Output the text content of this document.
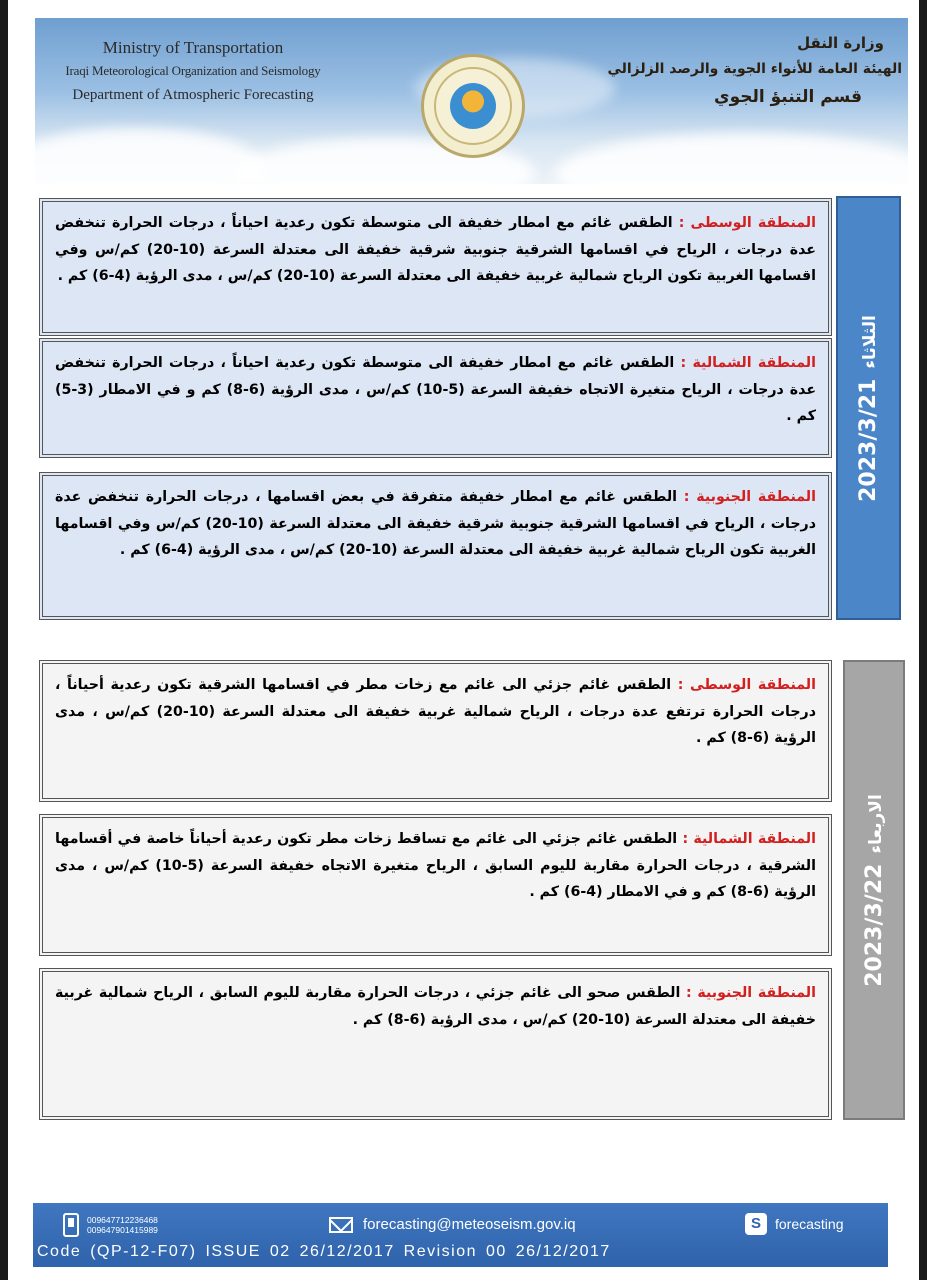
Ministry of Transportation
Iraqi Meteorological Organization and Seismology
Department of Atmospheric Forecasting
وزارة النقل
الهيئة العامة للأنواء الجوية والرصد الزلزالي
قسم التنبؤ الجوي
المنطقة الوسطى : الطقس غائم مع امطار خفيفة الى متوسطة تكون رعدية احياناً ، درجات الحرارة تنخفض عدة درجات ، الرياح في اقسامها الشرقية جنوبية شرقية خفيفة الى معتدلة السرعة (10-20) كم/س وفي اقسامها الغربية تكون الرياح شمالية غربية خفيفة الى معتدلة السرعة (10-20) كم/س ، مدى الرؤية (4-6) كم .
المنطقة الشمالية : الطقس غائم مع امطار خفيفة الى متوسطة تكون رعدية احياناً ، درجات الحرارة تنخفض عدة درجات ، الرياح متغيرة الاتجاه خفيفة السرعة (5-10) كم/س ، مدى الرؤية (6-8) كم و في الامطار (3-5) كم .
المنطقة الجنوبية : الطقس غائم مع امطار خفيفة متفرقة في بعض اقسامها ، درجات الحرارة تنخفض عدة درجات ، الرياح في اقسامها الشرقية جنوبية شرقية خفيفة الى معتدلة السرعة (10-20) كم/س وفي اقسامها الغربية تكون الرياح شمالية غربية خفيفة الى معتدلة السرعة (10-20) كم/س ، مدى الرؤية (4-6) كم .
الثلاثاء2023/3/21
المنطقة الوسطى : الطقس غائم جزئي الى غائم مع زخات مطر في اقسامها الشرقية تكون رعدية أحياناً ، درجات الحرارة ترتفع عدة درجات ، الرياح شمالية غربية خفيفة الى معتدلة السرعة (10-20) كم/س ، مدى الرؤية (6-8) كم .
المنطقة الشمالية : الطقس غائم جزئي الى غائم مع تساقط زخات مطر تكون رعدية أحياناً خاصة في أقسامها الشرقية ، درجات الحرارة مقاربة لليوم السابق ، الرياح متغيرة الاتجاه خفيفة السرعة (5-10) كم/س ، مدى الرؤية (6-8) كم و في الامطار (4-6) كم .
المنطقة الجنوبية : الطقس صحو الى غائم جزئي ، درجات الحرارة مقاربة لليوم السابق ، الرياح شمالية غربية خفيفة الى معتدلة السرعة (10-20) كم/س ، مدى الرؤية (6-8) كم .
الاربعاء2023/3/22
009647712236468
009647901415989	forecasting@meteoseism.gov.iq	S	forecasting
Code (QP-12-F07) ISSUE 02 26/12/2017 Revision 00 26/12/2017
